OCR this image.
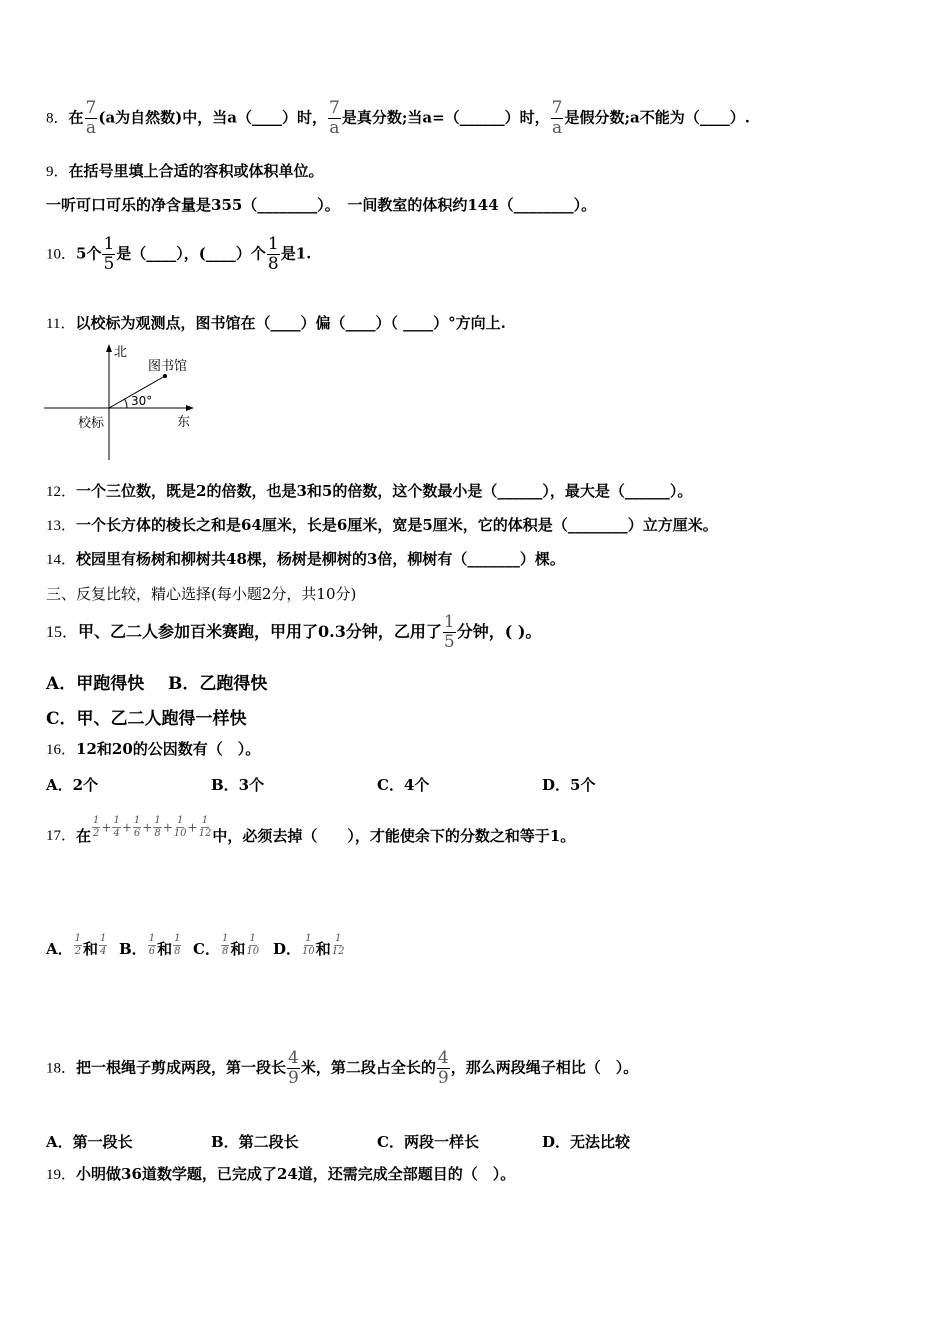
8．在 $\frac{7}{a} (a$为自然数)中，当a（____）时， $\frac{7}{a}$ 是真分数;当a=（______）时， $\frac{7}{a}$ 是假分数;a不能为（____）.
9．在括号里填上合适的容积或体积单位。
一听可口可乐的净含量是355（________）。　一间教室的体积约144（________）。
10．5个 $\frac{1}{5}$ 是（____），(____）个 $\frac{1}{8}$ 是1.
11．以校标为观测点，图书馆在（____）偏（____）（ ____）°方向上.
北
图书馆
30°
校标	东
12．一个三位数，既是2的倍数，也是3和5的倍数，这个数最小是（______），最大是（______）。
13．一个长方体的棱长之和是64厘米，长是6厘米，宽是5厘米，它的体积是（________）立方厘米。
14．校园里有杨树和柳树共48棵，杨树是柳树的3倍，柳树有（_______）棵。
三、反复比较，精心选择(每小题2分，共10分)
15．甲、乙二人参加百米赛跑，甲用了0.3分钟，乙用了 $\frac{1}{5}$ 分钟，( )。
A．甲跑得快 B．乙跑得快
C．甲、乙二人跑得一样快
16．12和20的公因数有（　）。
A．2个	B．3个	C．4个	D．5个
17．在 $\frac{1}{2} + \frac{1}{4} + \frac{1}{6} + \frac{1}{8} + \frac{1}{10} + \frac{1}{12}$ 中，必须去掉（　　），才能使余下的分数之和等于1。
A． $\frac{1}{2}$ 和 $\frac{1}{4}$ B． $\frac{1}{6}$ 和 $\frac{1}{8}$ C． $\frac{1}{8}$ 和 $\frac{1}{10}$ D． $\frac{1}{10}$ 和 $\frac{1}{12}$
18．把一根绳子剪成两段，第一段长 $\frac{4}{9}$ 米，第二段占全长的 $\frac{4}{9}$ ，那么两段绳子相比（　）。
A．第一段长	B．第二段长	C．两段一样长	D．无法比较
19．小明做36道数学题，已完成了24道，还需完成全部题目的（　）。
